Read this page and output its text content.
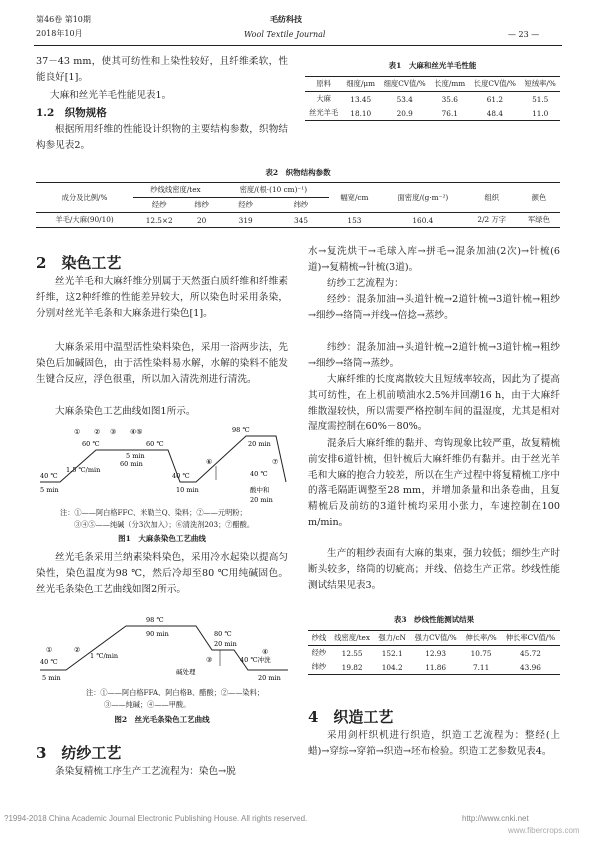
第46卷 第10期
2018年10月
毛纺科技
Wool Textile Journal	— 23 —
37－43 mm，使其可纺性和上染性较好，且纤维柔软，性能良好[1]。
大麻和丝光羊毛性能见表1。
1.2　织物规格
根据所用纤维的性能设计织物的主要结构参数，织物结构参见表2。
表1　大麻和丝光羊毛性能
原料	细度/μm	细度CV值/%	长度/mm	长度CV值/%	短绒率/%
大麻	13.45	53.4	35.6	61.2	51.5
丝光羊毛	18.10	20.9	76.1	48.4	11.0
表2　织物结构参数
成分及比例/%	纱线线密度/tex		密度/(根·(10 cm)⁻¹)		幅宽/cm	面密度/(g·m⁻²)	组织	颜色
	经纱	纬纱	经纱	纬纱				
羊毛/大麻(90/10)	12.5×2	20	319	345	153	160.4	2/2 万字	军绿色
2　染色工艺
丝光羊毛和大麻纤维分别属于天然蛋白质纤维和纤维素纤维，这2种纤维的性能差异较大，所以染色时采用条染，分别对丝光羊毛条和大麻条进行染色[1]。
大麻条采用中温型活性染料染色，采用一浴两步法，先染色后加碱固色，由于活性染料易水解，水解的染料不能发生键合反应，浮色很重，所以加入清洗剂进行清洗。
大麻条染色工艺曲线如图1所示。
40 ℃
5 min
1.5 ℃/min
60 ℃
5 min
60 min
60 ℃
40 ℃
10 min
98 ℃
20 min
40 ℃
酸中和
20 min
① ② ③ ④⑤
⑥	⑦
注：①——阿白格FFC、米勒兰Q、染料；②——元明粉；
③④⑤——纯碱（分3次加入）；⑥清洗剂203；⑦醋酸。
图1　大麻条染色工艺曲线
丝光毛条采用兰纳素染料染色，采用冷水起染以提高匀染性，染色温度为98 ℃，然后冷却至80 ℃用纯碱固色。丝光毛条染色工艺曲线如图2所示。
40 ℃
5 min
1 ℃/min
98 ℃
90 min	80 ℃
20 min
碱处理
40 ℃冲洗
20 min
①	②
③
④
注：①——阿白格FFA、阿白格B、醋酸；②——染料；
③——纯碱；④——甲酸。
图2　丝光毛条染色工艺曲线
3　纺纱工艺
条染复精梳工序生产工艺流程为：染色→脱
水→复洗烘干→毛球入库→拼毛→混条加油(2次)→针梳(6道)→复精梳→针梳(3道)。
纺纱工艺流程为：
经纱：混条加油→头道针梳→2道针梳→3道针梳→粗纱→细纱→络筒→并线→倍捻→蒸纱。
纬纱：混条加油→头道针梳→2道针梳→3道针梳→粗纱→细纱→络筒→蒸纱。
大麻纤维的长度离散较大且短绒率较高，因此为了提高其可纺性，在上机前喷油水2.5%并回潮16 h，由于大麻纤维散湿较快，所以需要严格控制车间的温湿度，尤其是相对湿度需控制在60%－80%。
混条后大麻纤维的黏并、弯钩现象比较严重，故复精梳前安排6道针梳，但针梳后大麻纤维仍有黏并。由于丝光羊毛和大麻的抱合力较差，所以在生产过程中将复精梳工序中的落毛隔距调整至28 mm，并增加条量和出条卷曲，且复精梳后及前纺的3道针梳均采用小张力，车速控制在100 m/min。
生产的粗纱表面有大麻的集束，强力较低；细纱生产时断头较多，络筒的切疵高；并线、倍捻生产正常。纱线性能测试结果见表3。
表3　纱线性能测试结果
纱线	线密度/tex	强力/cN	强力CV值/%	伸长率/%	伸长率CV值/%
经纱	12.55	152.1	12.93	10.75	45.72
纬纱	19.82	104.2	11.86	7.11	43.96
4　织造工艺
采用剑杆织机进行织造，织造工艺流程为：整经(上蜡)→穿综→穿筘→织造→坯布检验。织造工艺参数见表4。
?1994-2018 China Academic Journal Electronic Publishing House. All rights reserved.	http://www.cnki.net
www.fibercrops.com
